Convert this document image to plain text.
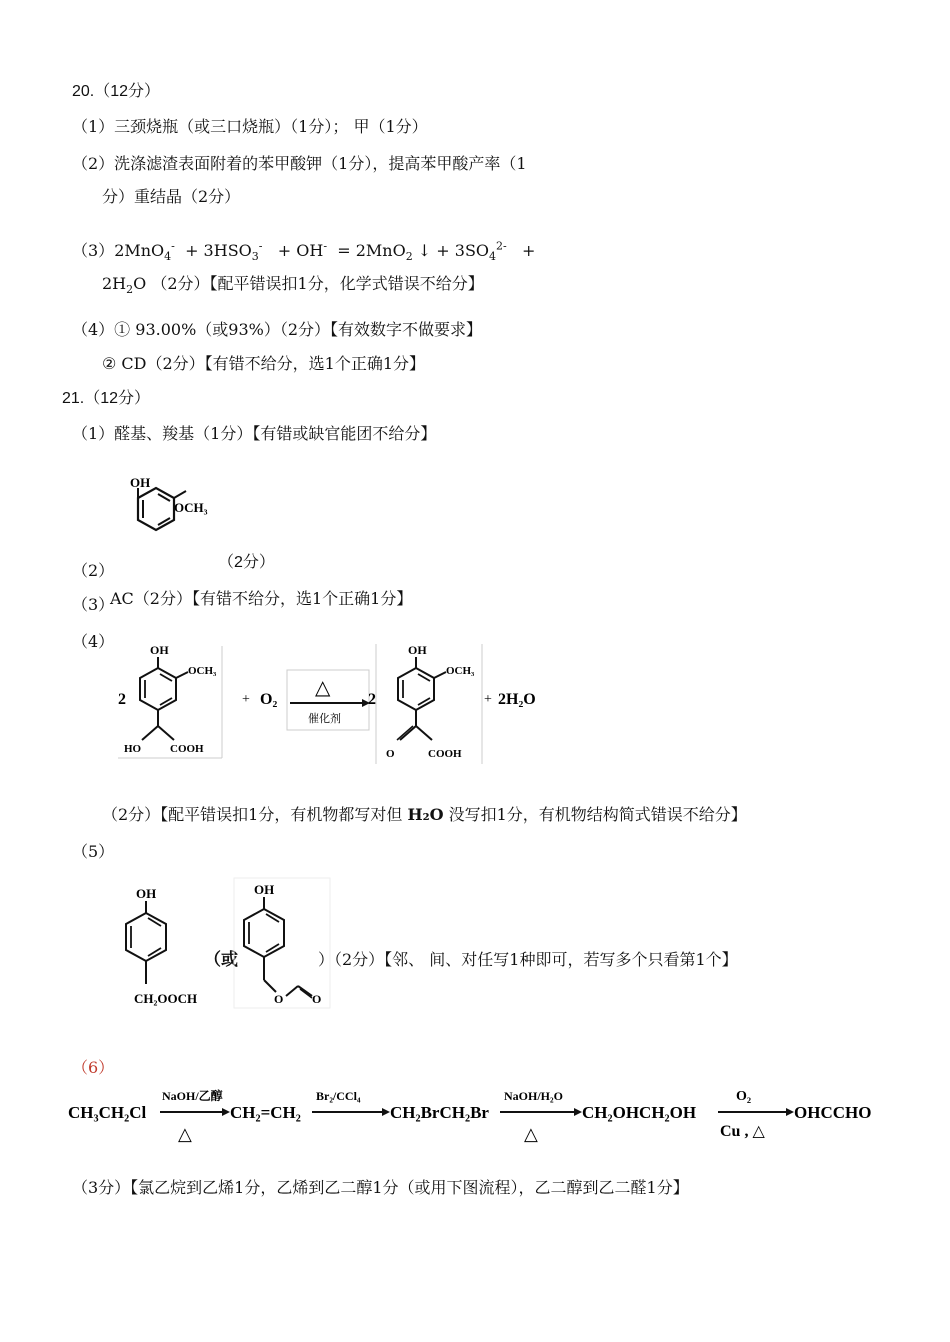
20.（12分）
（1）三颈烧瓶（或三口烧瓶）（1分）； 甲（1分）
（2）洗涤滤渣表面附着的苯甲酸钾（1分），提高苯甲酸产率（1
分）重结晶（2分）
$(3)2MnO_4^- + 3HSO_3^- + OH^- = 2MnO_2$ ↓ + $3SO_4^{2-}$ +
$2H_2O$ （2分）【配平错误扣1分，化学式错误不给分】
（4）① 93.00%（或93%）（2分）【有效数字不做要求】
② CD（2分）【有错不给分，选1个正确1分】
21.（12分）
（1）醛基、羧基（1分）【有错或缺官能团不给分】
OH
OCH₃
（2）	（2分）
（3）
AC（2分）【有错不给分，选1个正确1分】
（4）
2
OH
OCH₃
HO	COOH
+ O₂
△
催化剂
2
OH
OCH₃
O	COOH
+ 2H₂O
（2分）【配平错误扣1分，有机物都写对但 H₂O 没写扣1分，有机物结构简式错误不给分】
（5）
OH
CH₂OOCH
（或
OH
O O
）（2分）【邻、 间、对任写1种即可，若写多个只看第1个】
（6）
CH₃CH₂Cl	CH₂=CH₂	CH₂BrCH₂Br	CH₂OHCH₂OH	OHCCHO
NaOH/乙醇	Br₂/CCl₄	NaOH/H₂O	O₂
△	△	Cu , △
（3分）【氯乙烷到乙烯1分，乙烯到乙二醇1分（或用下图流程），乙二醇到乙二醛1分】
